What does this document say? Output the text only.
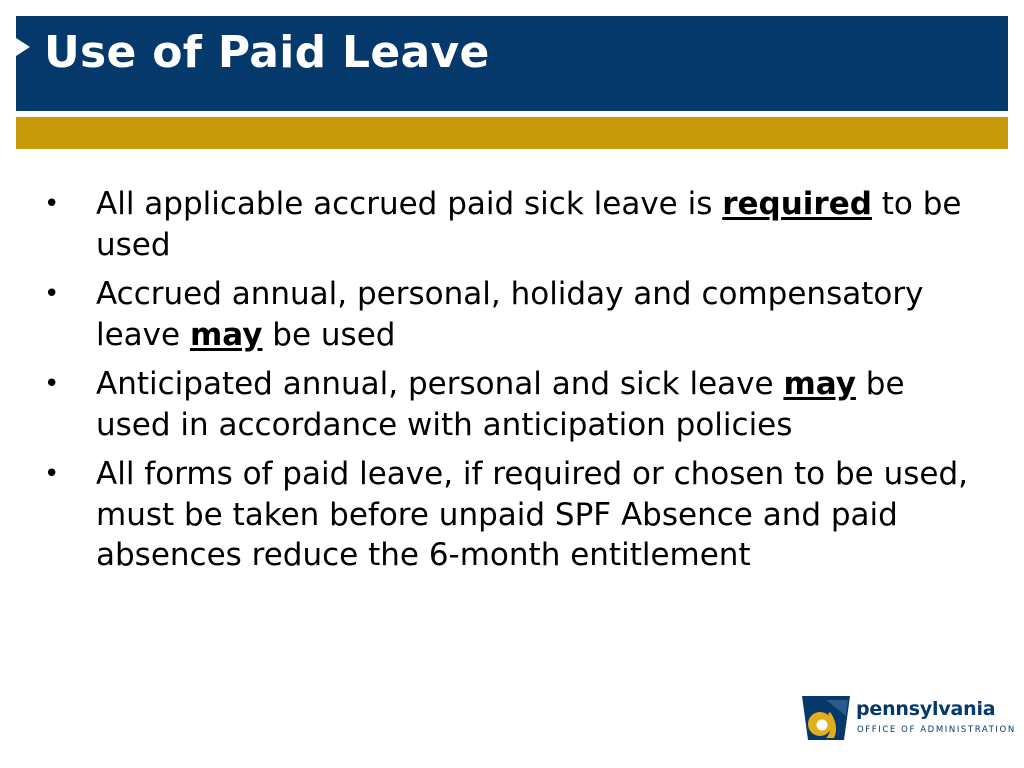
Use of Paid Leave
• All applicable accrued paid sick leave is required to be used
• Accrued annual, personal, holiday and compensatory leave may be used
• Anticipated annual, personal and sick leave may be used in accordance with anticipation policies
• All forms of paid leave, if required or chosen to be used, must be taken before unpaid SPF Absence and paid absences reduce the 6-month entitlement
pennsylvania
OFFICE OF ADMINISTRATION
